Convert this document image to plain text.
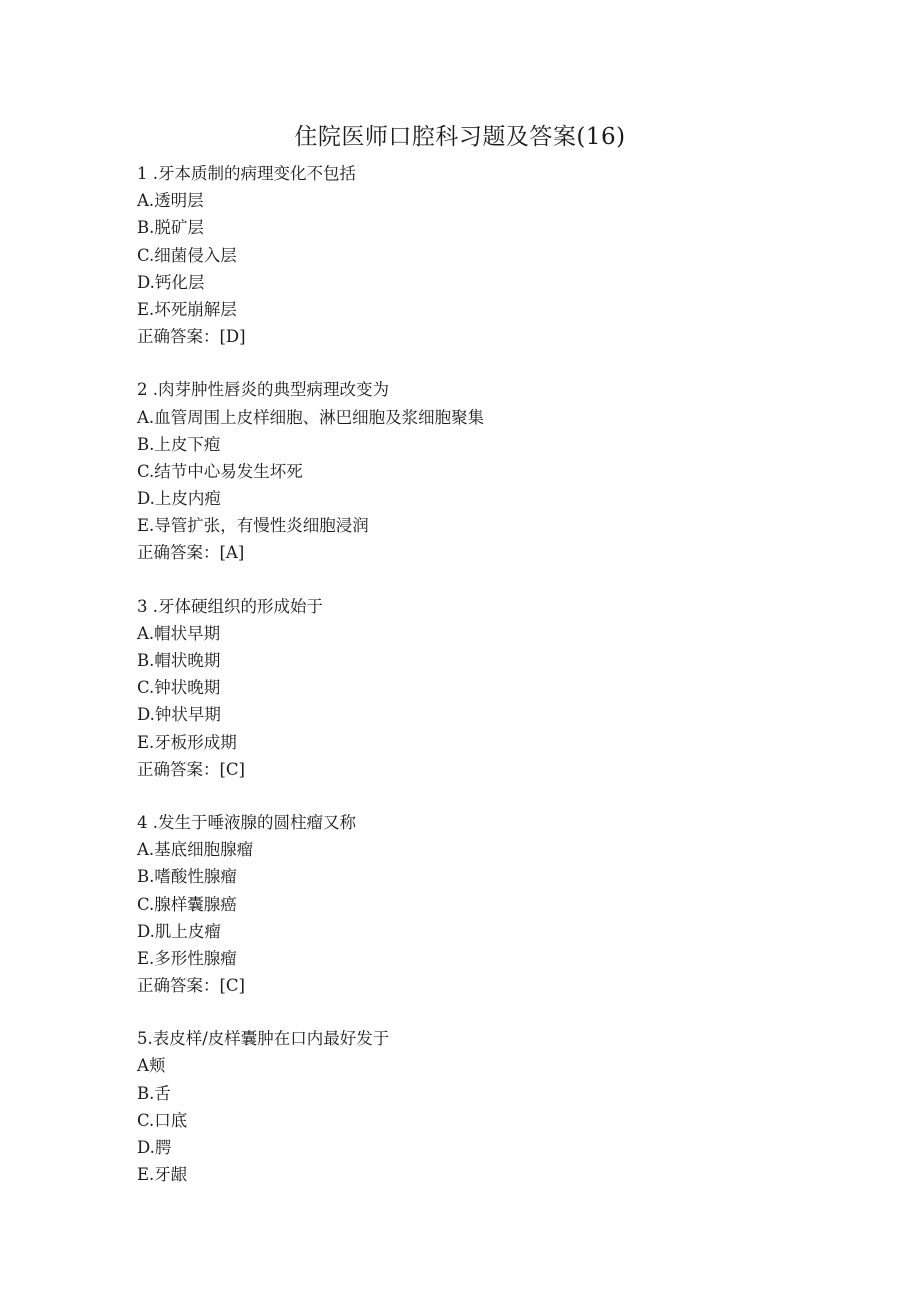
住院医师口腔科习题及答案(16)
1 .牙本质制的病理变化不包括
A.透明层
B.脱矿层
C.细菌侵入层
D.钙化层
E.坏死崩解层
正确答案：[D]
2 .肉芽肿性唇炎的典型病理改变为
A.血管周围上皮样细胞、淋巴细胞及浆细胞聚集
B.上皮下疱
C.结节中心易发生坏死
D.上皮内疱
E.导管扩张，有慢性炎细胞浸润
正确答案：[A]
3 .牙体硬组织的形成始于
A.帽状早期
B.帽状晚期
C.钟状晚期
D.钟状早期
E.牙板形成期
正确答案：[C]
4 .发生于唾液腺的圆柱瘤又称
A.基底细胞腺瘤
B.嗜酸性腺瘤
C.腺样囊腺癌
D.肌上皮瘤
E.多形性腺瘤
正确答案：[C]
5.表皮样/皮样囊肿在口内最好发于
A颊
B.舌
C.口底
D.腭
E.牙龈
